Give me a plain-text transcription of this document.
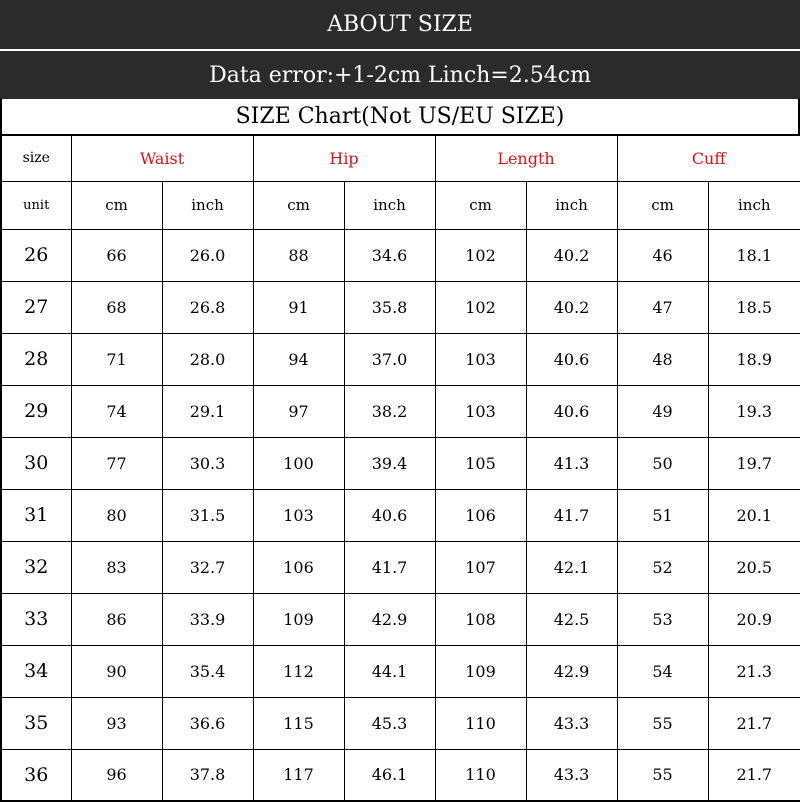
ABOUT SIZE
Data error:+1-2cm Linch=2.54cm
SIZE Chart(Not US/EU SIZE)
size	Waist		Hip		Length		Cuff	
unit	cm	inch	cm	inch	cm	inch	cm	inch
26	66	26.0	88	34.6	102	40.2	46	18.1
27	68	26.8	91	35.8	102	40.2	47	18.5
28	71	28.0	94	37.0	103	40.6	48	18.9
29	74	29.1	97	38.2	103	40.6	49	19.3
30	77	30.3	100	39.4	105	41.3	50	19.7
31	80	31.5	103	40.6	106	41.7	51	20.1
32	83	32.7	106	41.7	107	42.1	52	20.5
33	86	33.9	109	42.9	108	42.5	53	20.9
34	90	35.4	112	44.1	109	42.9	54	21.3
35	93	36.6	115	45.3	110	43.3	55	21.7
36	96	37.8	117	46.1	110	43.3	55	21.7
